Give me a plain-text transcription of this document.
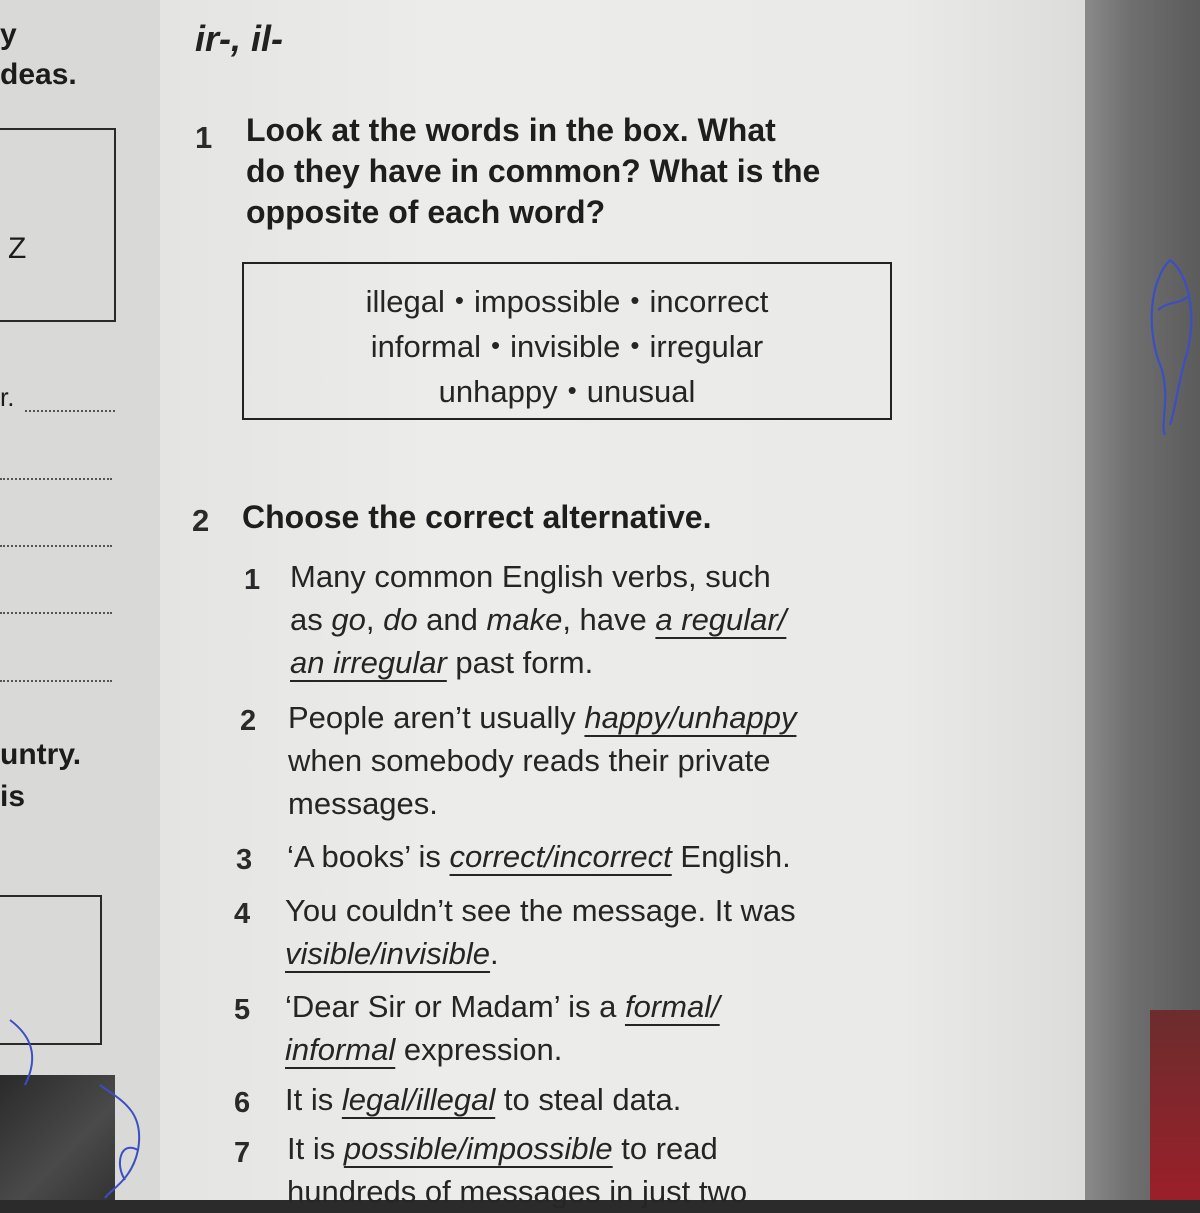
y
deas.
Z
r.
untry.
is
ir-, il-
1 Look at the words in the box. What
do they have in common? What is the
opposite of each word?
illegal • impossible • incorrect
informal • invisible • irregular
unhappy • unusual
2 Choose the correct alternative.
1 Many common English verbs, such
as go, do and make, have a regular/
an irregular past form.
2 People aren’t usually happy/unhappy
when somebody reads their private
messages.
3 ‘A books’ is correct/incorrect English.
4 You couldn’t see the message. It was
visible/invisible.
5 ‘Dear Sir or Madam’ is a formal/
informal expression.
6 It is legal/illegal to steal data.
7 It is possible/impossible to read
hundreds of messages in just two
